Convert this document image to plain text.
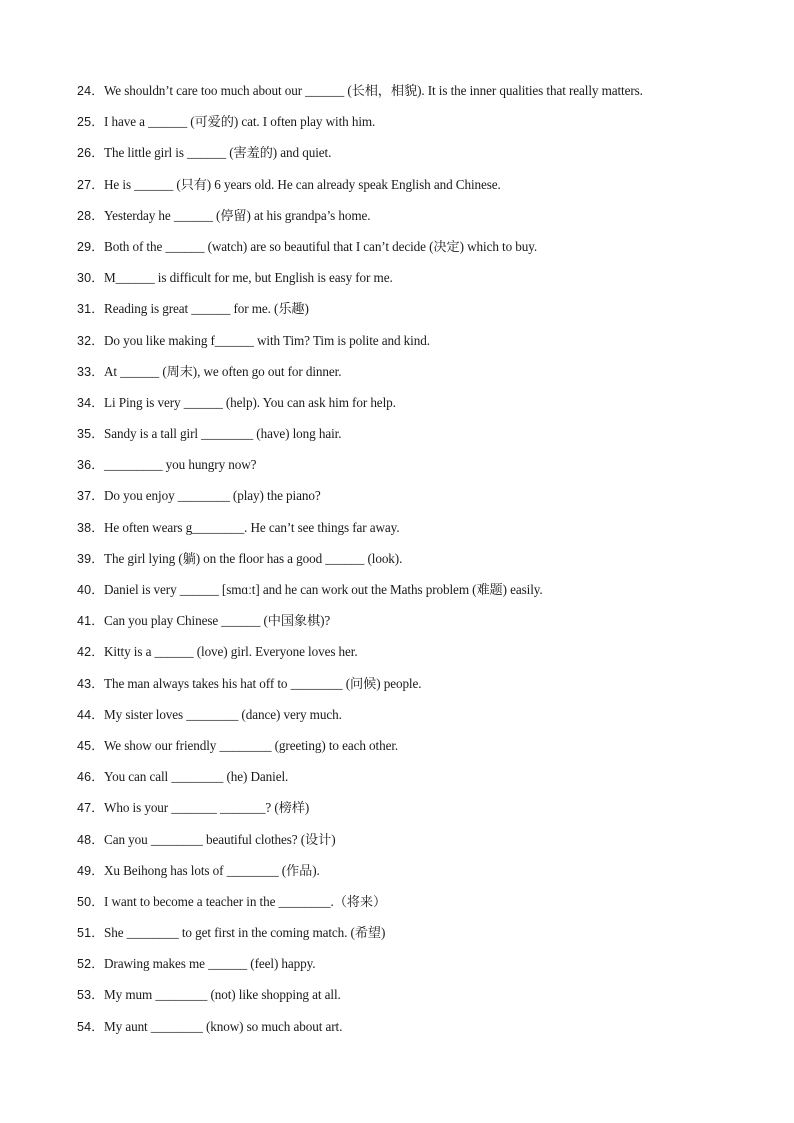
24． We shouldn’t care too much about our ______ (长相，相貌). It is the inner qualities that really matters.
25． I have a ______ (可爱的) cat. I often play with him.
26． The little girl is ______ (害羞的) and quiet.
27． He is ______ (只有) 6 years old. He can already speak English and Chinese.
28． Yesterday he ______ (停留) at his grandpa’s home.
29． Both of the ______ (watch) are so beautiful that I can’t decide (决定) which to buy.
30． M______ is difficult for me, but English is easy for me.
31． Reading is great ______ for me. (乐趣)
32． Do you like making f______ with Tim? Tim is polite and kind.
33． At ______ (周末), we often go out for dinner.
34． Li Ping is very ______ (help). You can ask him for help.
35． Sandy is a tall girl ________ (have) long hair.
36． _________ you hungry now?
37． Do you enjoy ________ (play) the piano?
38． He often wears g________. He can’t see things far away.
39． The girl lying (躺) on the floor has a good ______ (look).
40． Daniel is very ______ [smɑːt] and he can work out the Maths problem (难题) easily.
41． Can you play Chinese ______ (中国象棋)?
42． Kitty is a ______ (love) girl. Everyone loves her.
43． The man always takes his hat off to ________ (问候) people.
44． My sister loves ________ (dance) very much.
45． We show our friendly ________ (greeting) to each other.
46． You can call ________ (he) Daniel.
47． Who is your _______ _______? (榜样)
48． Can you ________ beautiful clothes? (设计)
49． Xu Beihong has lots of ________ (作品).
50． I want to become a teacher in the ________.（将来）
51． She ________ to get first in the coming match. (希望)
52． Drawing makes me ______ (feel) happy.
53． My mum ________ (not) like shopping at all.
54． My aunt ________ (know) so much about art.
